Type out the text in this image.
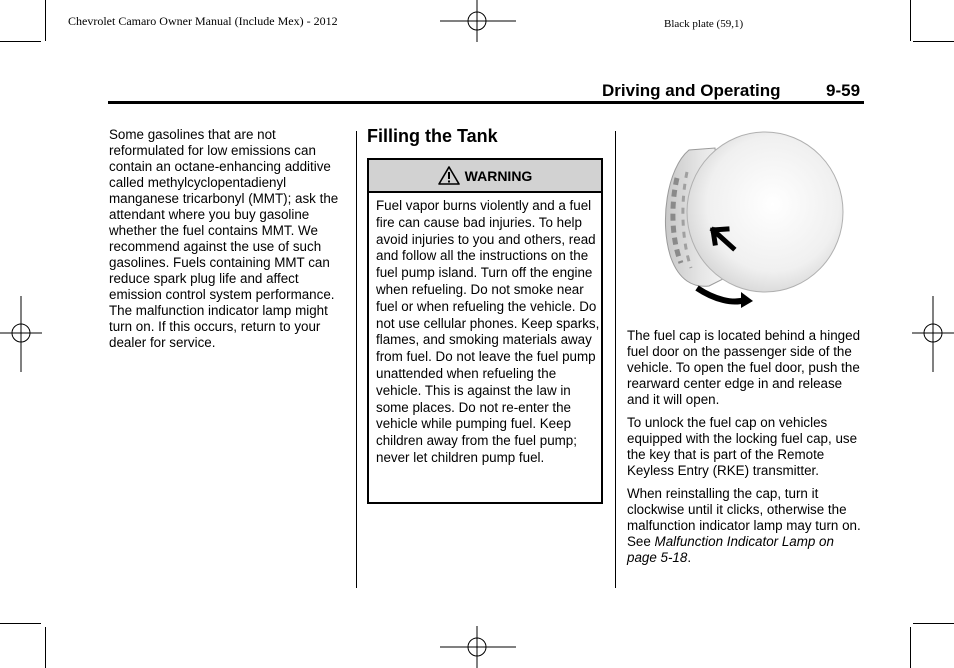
Chevrolet Camaro Owner Manual (Include Mex) - 2012	Black plate (59,1)
Driving and Operating	9-59
Some gasolines that are not reformulated for low emissions can contain an octane-enhancing additive called methylcyclopentadienyl manganese tricarbonyl (MMT); ask the attendant where you buy gasoline whether the fuel contains MMT. We recommend against the use of such gasolines. Fuels containing MMT can reduce spark plug life and affect emission control system performance. The malfunction indicator lamp might turn on. If this occurs, return to your dealer for service.
Filling the Tank
WARNING
Fuel vapor burns violently and a fuel fire can cause bad injuries. To help avoid injuries to you and others, read and follow all the instructions on the fuel pump island. Turn off the engine when refueling. Do not smoke near fuel or when refueling the vehicle. Do not use cellular phones. Keep sparks, flames, and smoking materials away from fuel. Do not leave the fuel pump unattended when refueling the vehicle. This is against the law in some places. Do not re-enter the vehicle while pumping fuel. Keep children away from the fuel pump; never let children pump fuel.

The fuel cap is located behind a hinged fuel door on the passenger side of the vehicle. To open the fuel door, push the rearward center edge in and release and it will open.

To unlock the fuel cap on vehicles equipped with the locking fuel cap, use the key that is part of the Remote Keyless Entry (RKE) transmitter.

When reinstalling the cap, turn it clockwise until it clicks, otherwise the malfunction indicator lamp may turn on. See Malfunction Indicator Lamp on page 5-18.
